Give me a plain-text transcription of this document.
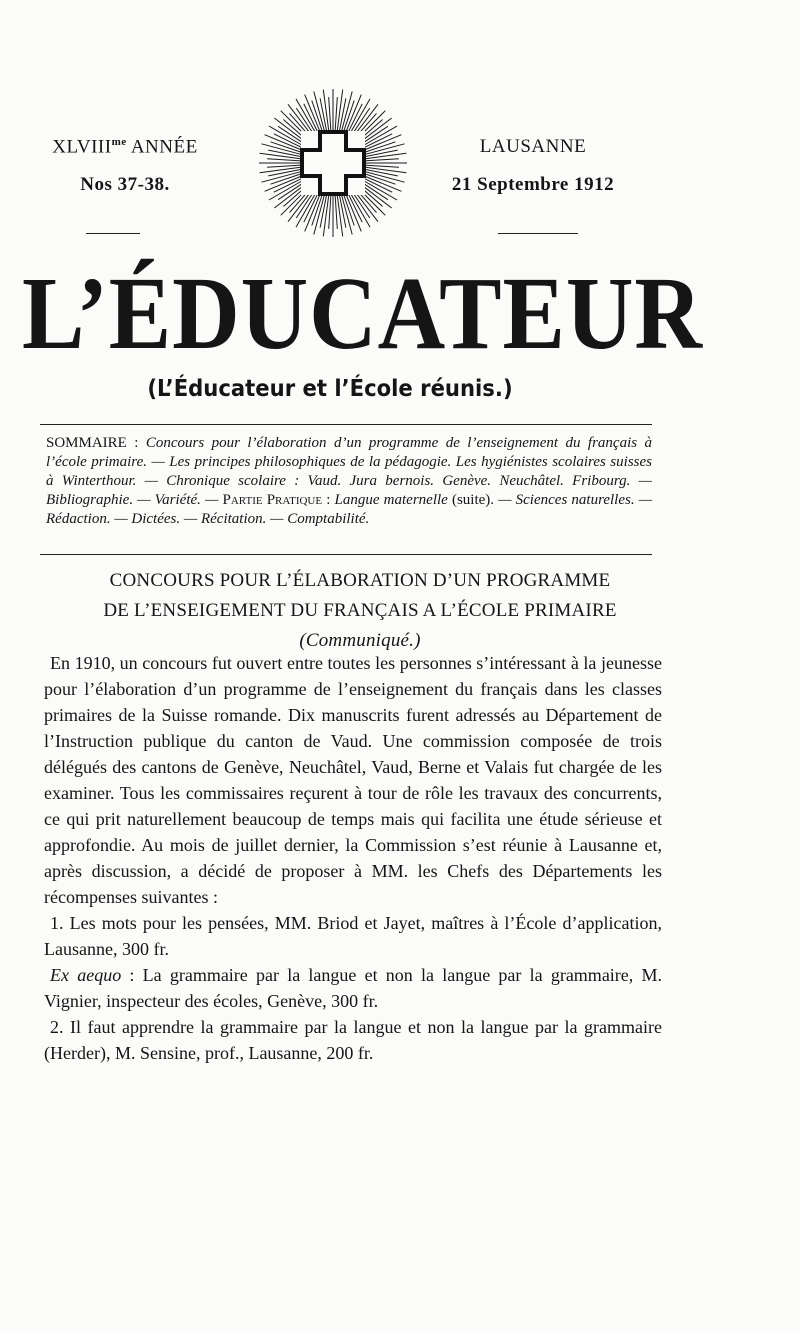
$XLVIII^{me}$ ANNÉE
Nos 37-38.
LAUSANNE
21 Septembre 1912
L’ÉDUCATEUR
(L’Éducateur et l’École réunis.)
SOMMAIRE : Concours pour l’élaboration d’un programme de l’enseignement du français à l’école primaire. — Les principes philosophiques de la pédagogie. Les hygiénistes scolaires suisses à Winterthour. — Chronique scolaire : Vaud. Jura bernois. Genève. Neuchâtel. Fribourg. — Bibliographie. — Variété. — Partie Pratique : Langue maternelle (suite). — Sciences naturelles. — Rédaction. — Dictées. — Récitation. — Comptabilité.
CONCOURS POUR L’ÉLABORATION D’UN PROGRAMME
DE L’ENSEIGEMENT DU FRANÇAIS A L’ÉCOLE PRIMAIRE
(Communiqué.)

En 1910, un concours fut ouvert entre toutes les personnes s’intéressant à la jeunesse pour l’élaboration d’un programme de l’enseignement du français dans les classes primaires de la Suisse romande. Dix manuscrits furent adressés au Département de l’Instruction publique du canton de Vaud. Une commission composée de trois délégués des cantons de Genève, Neuchâtel, Vaud, Berne et Valais fut chargée de les examiner. Tous les commissaires reçurent à tour de rôle les travaux des concurrents, ce qui prit naturellement beaucoup de temps mais qui facilita une étude sérieuse et approfondie. Au mois de juillet dernier, la Commission s’est réunie à Lausanne et, après discussion, a décidé de proposer à MM. les Chefs des Départements les récompenses suivantes :

1. Les mots pour les pensées, MM. Briod et Jayet, maîtres à l’École d’application, Lausanne, 300 fr.

Ex aequo : La grammaire par la langue et non la langue par la grammaire, M. Vignier, inspecteur des écoles, Genève, 300 fr.

2. Il faut apprendre la grammaire par la langue et non la langue par la grammaire (Herder), M. Sensine, prof., Lausanne, 200 fr.
